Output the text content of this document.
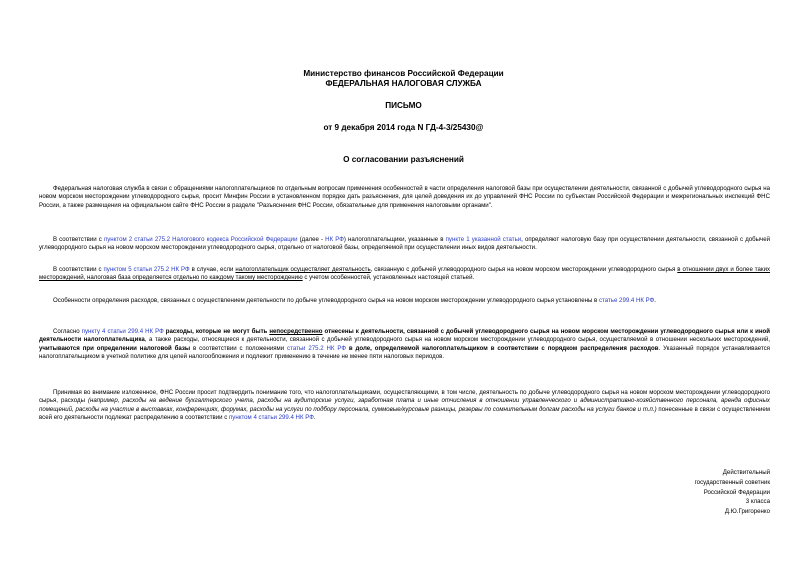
Министерство финансов Российской Федерации
ФЕДЕРАЛЬНАЯ НАЛОГОВАЯ СЛУЖБА
ПИСЬМО
от 9 декабря 2014 года N ГД-4-3/25430@
О согласовании разъяснений
Федеральная налоговая служба в связи с обращениями налогоплательщиков по отдельным вопросам применения особенностей в части определения налоговой базы при осуществлении деятельности, связанной с добычей углеводородного сырья на новом морском месторождении углеводородного сырья, просит Минфин России в установленном порядке дать разъяснения, для целей доведения их до управлений ФНС России по субъектам Российской Федерации и межрегиональных инспекций ФНС России, а также размещения на официальном сайте ФНС России в разделе "Разъяснения ФНС России, обязательные для применения налоговыми органами".
В соответствии с пунктом 2 статьи 275.2 Налогового кодекса Российской Федерации (далее - НК РФ) налогоплательщики, указанные в пункте 1 указанной статьи, определяют налоговую базу при осуществлении деятельности, связанной с добычей углеводородного сырья на новом морском месторождении углеводородного сырья, отдельно от налоговой базы, определяемой при осуществлении иных видов деятельности.
В соответствии с пунктом 5 статьи 275.2 НК РФ в случае, если налогоплательщик осуществляет деятельность, связанную с добычей углеводородного сырья на новом морском месторождении углеводородного сырья в отношении двух и более таких месторождений, налоговая база определяется отдельно по каждому такому месторождению с учетом особенностей, установленных настоящей статьей.
Особенности определения расходов, связанных с осуществлением деятельности по добыче углеводородного сырья на новом морском месторождении углеводородного сырья установлены в статье 299.4 НК РФ.
Согласно пункту 4 статьи 299.4 НК РФ расходы, которые не могут быть непосредственно отнесены к деятельности, связанной с добычей углеводородного сырья на новом морском месторождении углеводородного сырья или к иной деятельности налогоплательщика, а также расходы, относящиеся к деятельности, связанной с добычей углеводородного сырья на новом морском месторождении углеводородного сырья, осуществляемой в отношении нескольких месторождений, учитываются при определении налоговой базы в соответствии с положениями статьи 275.2 НК РФ в доле, определяемой налогоплательщиком в соответствии с порядком распределения расходов. Указанный порядок устанавливается налогоплательщиком в учетной политике для целей налогообложения и подлежит применению в течение не менее пяти налоговых периодов.
Принимая во внимание изложенное, ФНС России просит подтвердить понимание того, что налогоплательщиками, осуществляющими, в том числе, деятельность по добыче углеводородного сырья на новом морском месторождении углеводородного сырья, расходы (например, расходы на ведение бухгалтерского учета, расходы на аудиторские услуги, заработная плата и иные отчисления в отношении управленческого и административно-хозяйственного персонала, аренда офисных помещений, расходы на участие в выставках, конференциях, форумах, расходы на услуги по подбору персонала, суммовые/курсовые разницы, резервы по сомнительным долгам расходы на услуги банков и т.п.) понесенные в связи с осуществлением всей его деятельности подлежат распределению в соответствии с пунктом 4 статьи 299.4 НК РФ.
Действительный
государственный советник
Российской Федерации
3 класса
Д.Ю.Григоренко
